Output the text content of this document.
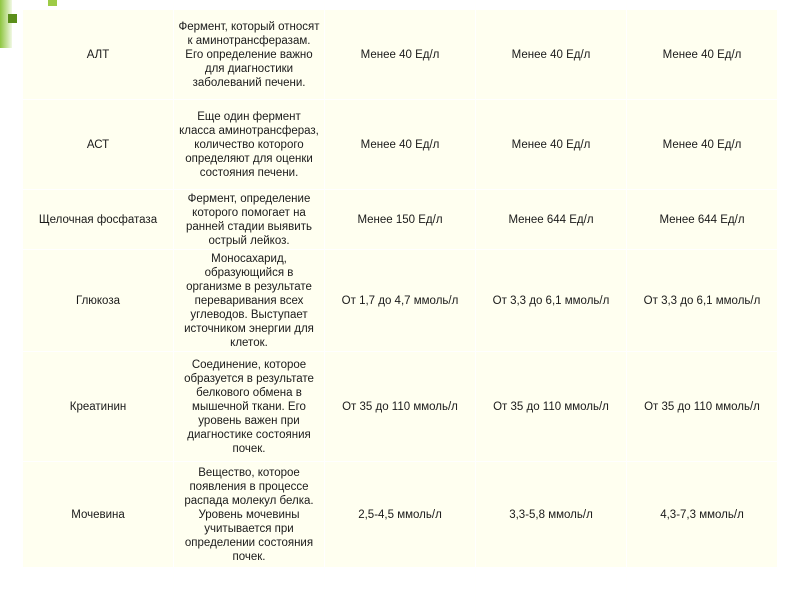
АЛТ	Фермент, который относят к аминотрансферазам. Его определение важно для диагностики заболеваний печени.	Менее 40 Ед/л	Менее 40 Ед/л	Менее 40 Ед/л
АСТ	Еще один фермент класса аминотрансфераз, количество которого определяют для оценки состояния печени.	Менее 40 Ед/л	Менее 40 Ед/л	Менее 40 Ед/л
Щелочная фосфатаза	Фермент, определение которого помогает на ранней стадии выявить острый лейкоз.	Менее 150 Ед/л	Менее 644 Ед/л	Менее 644 Ед/л
Глюкоза	Моносахарид, образующийся в организме в результате переваривания всех углеводов. Выступает источником энергии для клеток.	От 1,7 до 4,7 ммоль/л	От 3,3 до 6,1 ммоль/л	От 3,3 до 6,1 ммоль/л
Креатинин	Соединение, которое образуется в результате белкового обмена в мышечной ткани. Его уровень важен при диагностике состояния почек.	От 35 до 110 ммоль/л	От 35 до 110 ммоль/л	От 35 до 110 ммоль/л
Мочевина	Вещество, которое появления в процессе распада молекул белка. Уровень мочевины учитывается при определении состояния почек.	2,5-4,5 ммоль/л	3,3-5,8 ммоль/л	4,3-7,3 ммоль/л
